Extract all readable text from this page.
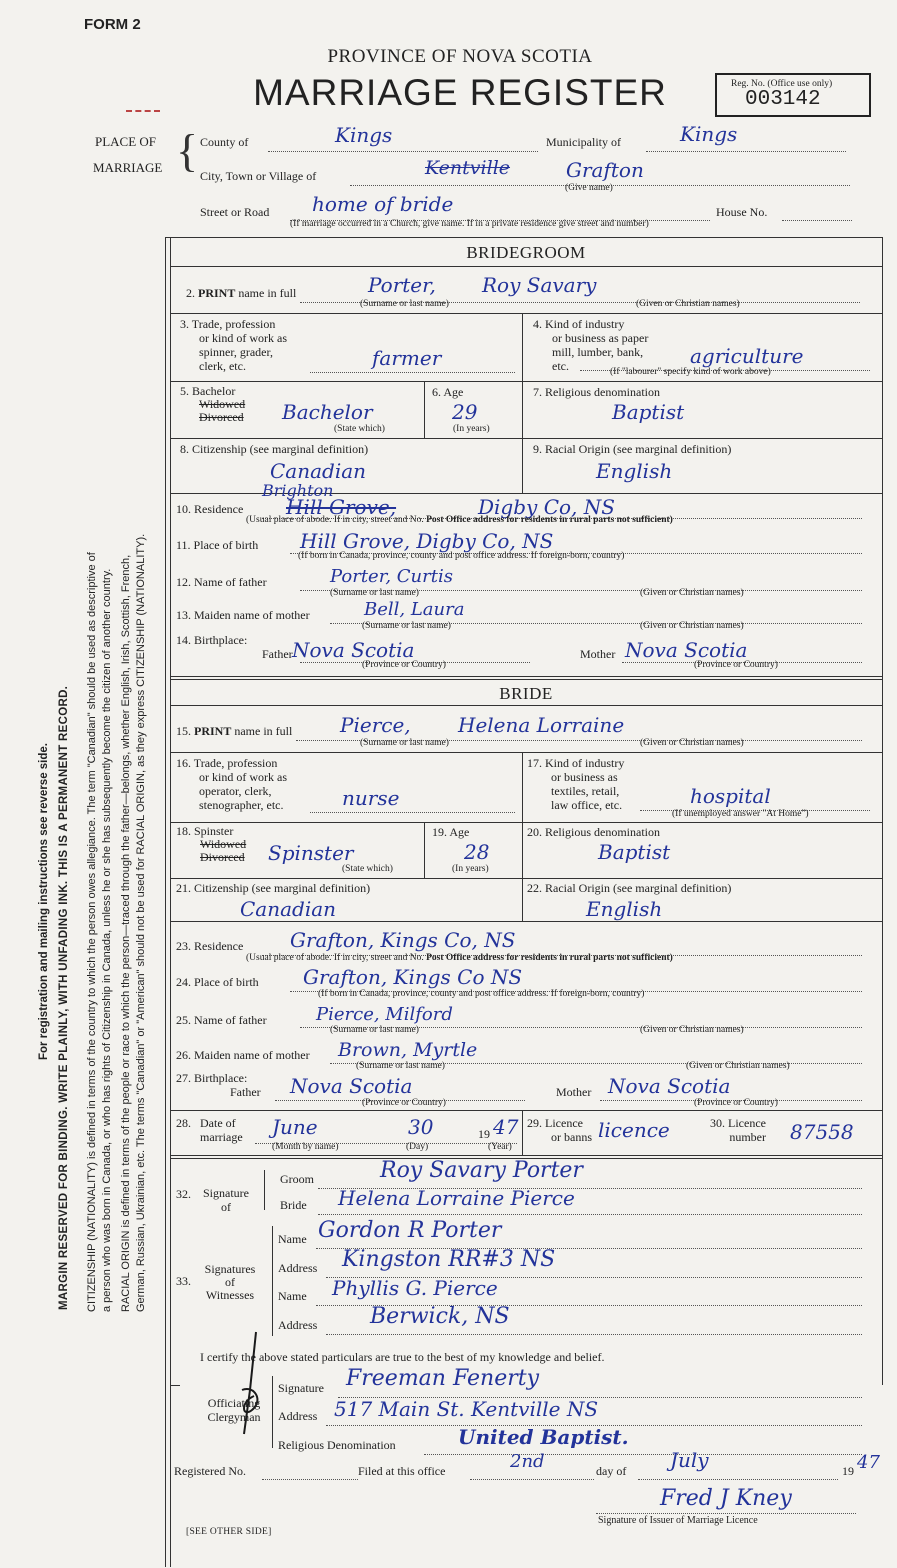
FORM 2
PROVINCE OF NOVA SCOTIA
MARRIAGE REGISTER	Reg. No. (Office use only)
003142
PLACE OF
MARRIAGE { County of	Kings	Municipality of	Kings
City, Town or Village of	Kentville	Grafton
(Give name)
Street or Road home of bride	House No.
(If marriage occurred in a Church, give name. If in a private residence give street and number)
For registration and mailing instructions see reverse side. MARGIN RESERVED FOR BINDING. WRITE PLAINLY, WITH UNFADING INK. THIS IS A PERMANENT RECORD. CITIZENSHIP (NATIONALITY) is defined in terms of the country to which the person owes allegiance. The term "Canadian" should be used as descriptive of a person who was born in Canada, or who has rights of Citizenship in Canada, unless he or she has subsequently become the citizen of another country. RACIAL ORIGIN is defined in terms of the people or race to which the person—traced through the father—belongs, whether English, Irish, Scottish, French, German, Russian, Ukrainian, etc. The terms "Canadian" or "American" should not be used for RACIAL ORIGIN, as they express CITIZENSHIP (NATIONALITY).
BRIDEGROOM
2. PRINT name in full	Porter, Roy Savary
(Surname or last name)	(Given or Christian names)
3. Trade, profession
or kind of work as
spinner, grader,
clerk, etc.	farmer
4. Kind of industry
or business as paper
mill, lumber, bank,
etc.	agriculture
(If "labourer" specify kind of work above)
5. Bachelor
Widowed
Divorced Bachelor
(State which)
6. Age
29
(In years)
7. Religious denomination
Baptist
8. Citizenship (see marginal definition)
Canadian
9. Racial Origin (see marginal definition)
English
10. Residence
Brighton
Hill Grove,	Digby Co, NS
(Usual place of abode. If in city, street and No. Post Office address for residents in rural parts not sufficient)
11. Place of birth Hill Grove, Digby Co, NS
(If born in Canada, province, county and post office address. If foreign-born, country)
12. Name of father	Porter, Curtis
(Surname or last name)	(Given or Christian names)
13. Maiden name of mother	Bell, Laura
(Surname or last name)	(Given or Christian names)
14. Birthplace:
Father Nova Scotia
(Province or Country)
Mother Nova Scotia
(Province or Country)
BRIDE
15. PRINT name in full Pierce, Helena Lorraine
(Surname or last name)	(Given or Christian names)
16. Trade, profession
or kind of work as
operator, clerk,
stenographer, etc.	nurse
17. Kind of industry
or business as
textiles, retail,
law office, etc.	hospital
(If unemployed answer "At Home")
18. Spinster
Widowed
Divorced Spinster
(State which)
19. Age
28
(In years)
20. Religious denomination
Baptist
21. Citizenship (see marginal definition)
Canadian
22. Racial Origin (see marginal definition)
English
23. Residence Grafton, Kings Co, NS
(Usual place of abode. If in city, street and No. Post Office address for residents in rural parts not sufficient)
24. Place of birth Grafton, Kings Co NS
(If born in Canada, province, county and post office address. If foreign-born, country)
25. Name of father	Pierce, Milford
(Surname or last name)	(Given or Christian names)
26. Maiden name of mother Brown, Myrtle
(Surname or last name)	(Given or Christian names)
27. Birthplace:
Father Nova Scotia
(Province or Country)
Mother Nova Scotia
(Province or Country)
28. Date of
marriage June	30	19 47
(Month by name)	(Day)	(Year)
29. Licence
or banns licence	30. Licence
number 87558
32.	Signature
of
Groom	Roy Savary Porter
Bride Helena Lorraine Pierce
33.
Signatures
of
Witnesses
Name Gordon R Porter
Address Kingston RR#3 NS
Name Phyllis G. Pierce
Address Berwick, NS
I certify the above stated particulars are true to the best of my knowledge and belief.
Officiating
Clergyman
Signature Freeman Fenerty
Address 517 Main St. Kentville NS
Religious Denomination	United Baptist.
Registered No.	Filed at this office	2nd	day of July	19 47
Fred J Kney
Signature of Issuer of Marriage Licence
[SEE OTHER SIDE]
